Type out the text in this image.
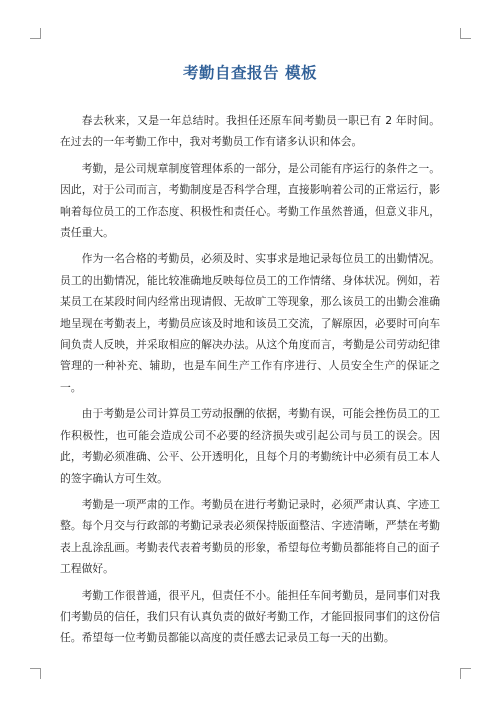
考勤自查报告 模板

春去秋来，又是一年总结时。我担任还原车间考勤员一职已有 2 年时间。在过去的一年考勤工作中，我对考勤员工作有诸多认识和体会。

考勤，是公司规章制度管理体系的一部分，是公司能有序运行的条件之一。因此，对于公司而言，考勤制度是否科学合理，直接影响着公司的正常运行，影响着每位员工的工作态度、积极性和责任心。考勤工作虽然普通，但意义非凡，责任重大。

作为一名合格的考勤员，必须及时、实事求是地记录每位员工的出勤情况。员工的出勤情况，能比较准确地反映每位员工的工作情绪、身体状况。例如，若某员工在某段时间内经常出现请假、无故旷工等现象，那么该员工的出勤会准确地呈现在考勤表上，考勤员应该及时地和该员工交流，了解原因，必要时可向车间负责人反映，并采取相应的解决办法。从这个角度而言，考勤是公司劳动纪律管理的一种补充、辅助，也是车间生产工作有序进行、人员安全生产的保证之一。

由于考勤是公司计算员工劳动报酬的依据，考勤有误，可能会挫伤员工的工作积极性，也可能会造成公司不必要的经济损失或引起公司与员工的误会。因此，考勤必须准确、公平、公开透明化，且每个月的考勤统计中必须有员工本人的签字确认方可生效。

考勤是一项严肃的工作。考勤员在进行考勤记录时，必须严肃认真、字迹工整。每个月交与行政部的考勤记录表必须保持版面整洁、字迹清晰，严禁在考勤表上乱涂乱画。考勤表代表着考勤员的形象，希望每位考勤员都能将自己的面子工程做好。

考勤工作很普通，很平凡，但责任不小。能担任车间考勤员，是同事们对我们考勤员的信任，我们只有认真负责的做好考勤工作，才能回报同事们的这份信任。希望每一位考勤员都能以高度的责任感去记录员工每一天的出勤。
